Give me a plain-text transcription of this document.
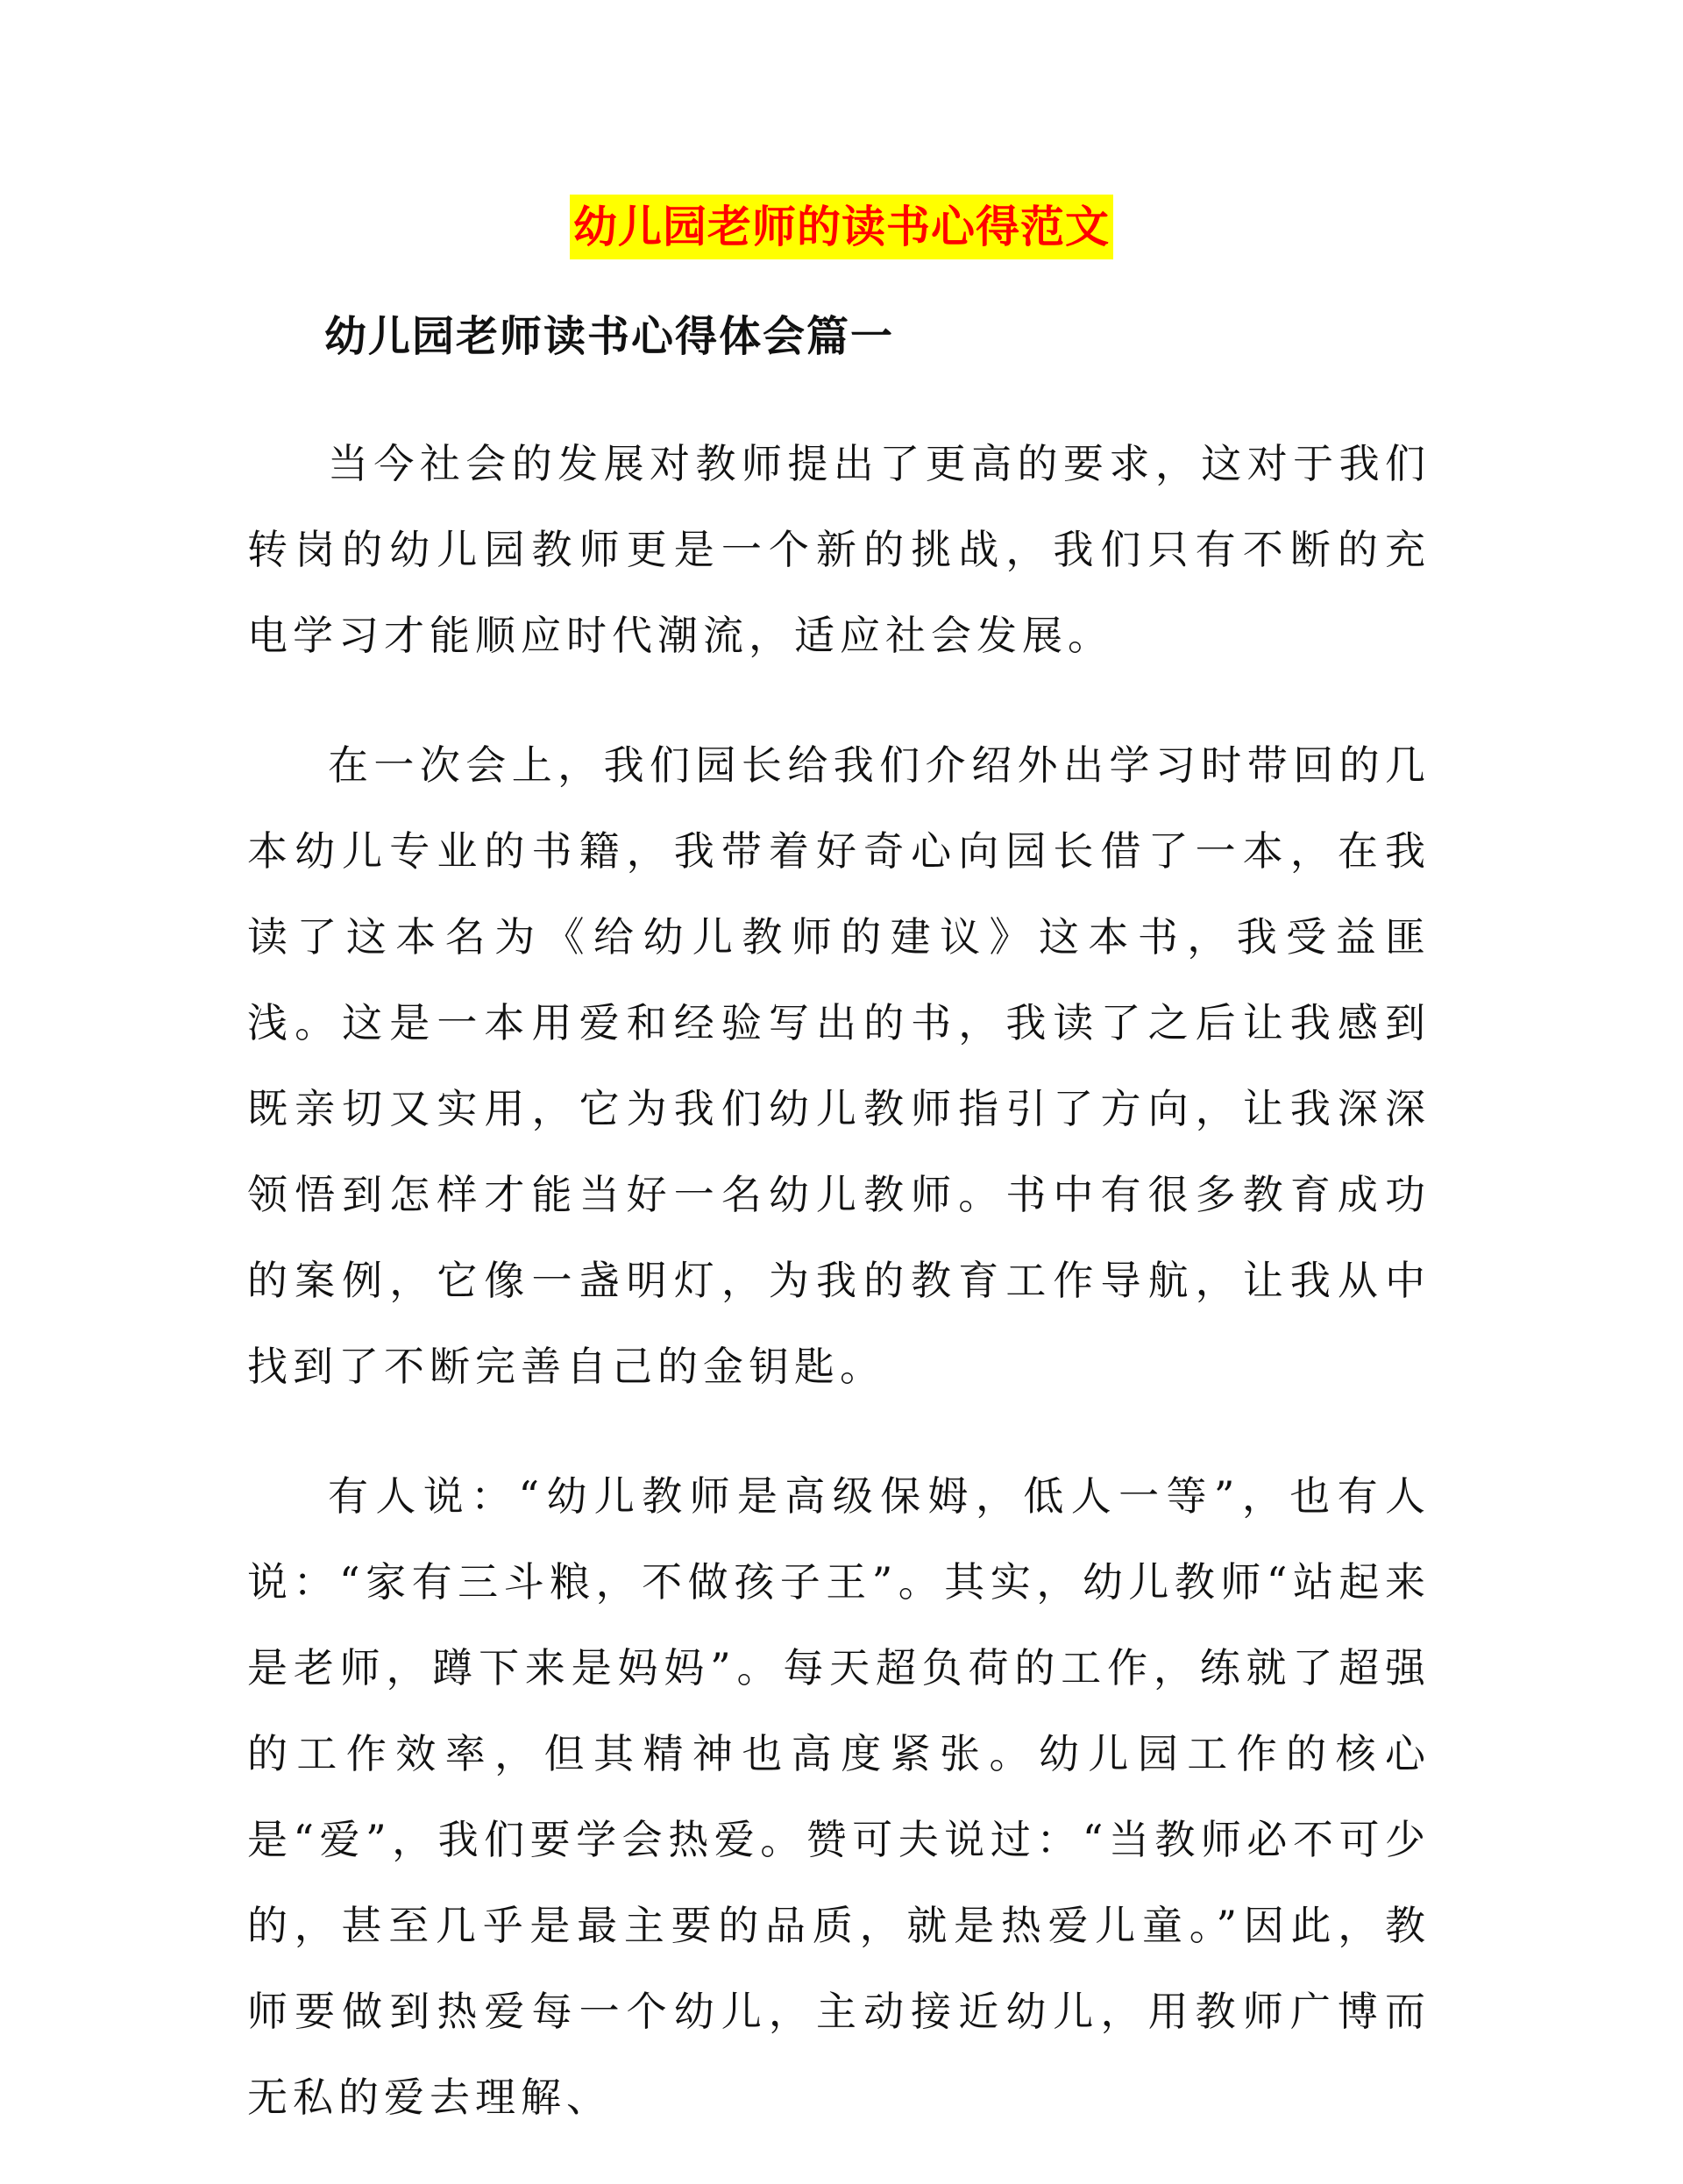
幼儿园老师的读书心得范文
幼儿园老师读书心得体会篇一

当今社会的发展对教师提出了更高的要求，这对于我们转岗的幼儿园教师更是一个新的挑战，我们只有不断的充电学习才能顺应时代潮流，适应社会发展。

在一次会上，我们园长给我们介绍外出学习时带回的几本幼儿专业的书籍，我带着好奇心向园长借了一本，在我读了这本名为《给幼儿教师的建议》这本书，我受益匪浅。这是一本用爱和经验写出的书，我读了之后让我感到既亲切又实用，它为我们幼儿教师指引了方向，让我深深领悟到怎样才能当好一名幼儿教师。书中有很多教育成功的案例，它像一盏明灯，为我的教育工作导航，让我从中找到了不断完善自己的金钥匙。

有人说：“幼儿教师是高级保姆，低人一等”，也有人说：“家有三斗粮，不做孩子王”。其实，幼儿教师“站起来是老师，蹲下来是妈妈”。每天超负荷的工作，练就了超强的工作效率，但其精神也高度紧张。幼儿园工作的核心是“爱”，我们要学会热爱。赞可夫说过：“当教师必不可少的，甚至几乎是最主要的品质，就是热爱儿童。”因此，教师要做到热爱每一个幼儿，主动接近幼儿，用教师广博而无私的爱去理解、
